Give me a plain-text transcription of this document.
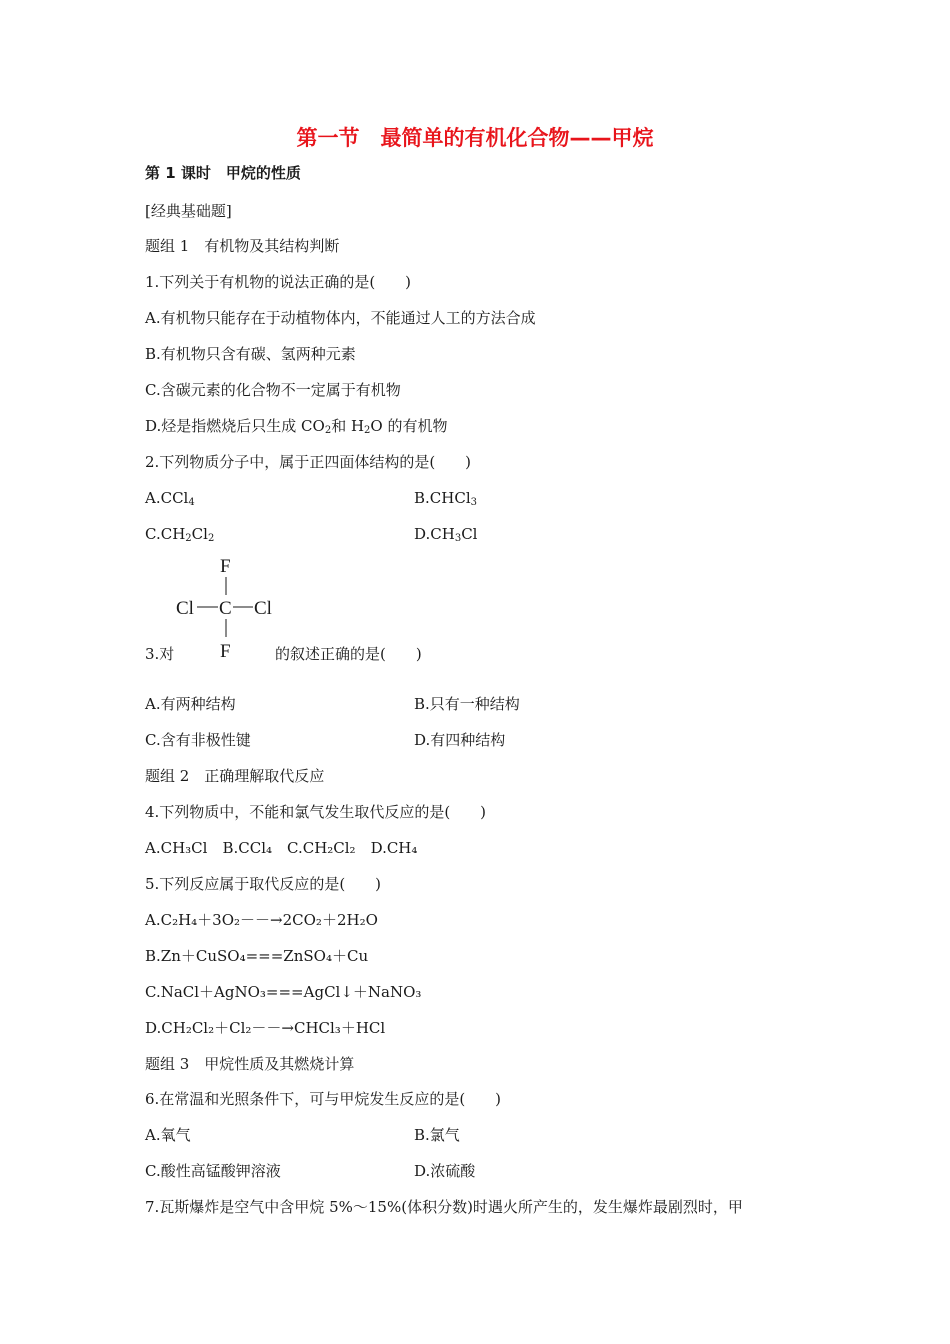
第一节　最简单的有机化合物——甲烷
第 1 课时　甲烷的性质
[经典基础题]
题组 1　有机物及其结构判断
1.下列关于有机物的说法正确的是(　　)
A.有机物只能存在于动植物体内，不能通过人工的方法合成
B.有机物只含有碳、氢两种元素
C.含碳元素的化合物不一定属于有机物
D.烃是指燃烧后只生成 $CO_2$和 $H_2O$ 的有机物
2.下列物质分子中，属于正四面体结构的是(　　)
A.CCl$_4$	B.CHCl$_3$
$C.CH_2Cl_2$	$D.CH_3Cl$
F
Cl C Cl
F
3.对	的叙述正确的是(　　)
A.有两种结构	B.只有一种结构
C.含有非极性键	D.有四种结构
题组 2　正确理解取代反应
4.下列物质中，不能和氯气发生取代反应的是(　　)
A.CH₃Cl　B.CCl₄　C.CH₂Cl₂　D.CH₄
5.下列反应属于取代反应的是(　　)
A.C₂H₄＋3O₂－－→2CO₂＋2H₂O
B.Zn＋CuSO₄===ZnSO₄＋Cu
C.NaCl＋AgNO₃===AgCl↓＋NaNO₃
D.CH₂Cl₂＋Cl₂－－→CHCl₃＋HCl
题组 3　甲烷性质及其燃烧计算
6.在常温和光照条件下，可与甲烷发生反应的是(　　)
A.氧气	B.氯气
C.酸性高锰酸钾溶液	D.浓硫酸
7.瓦斯爆炸是空气中含甲烷 5%～15%(体积分数)时遇火所产生的，发生爆炸最剧烈时，甲
